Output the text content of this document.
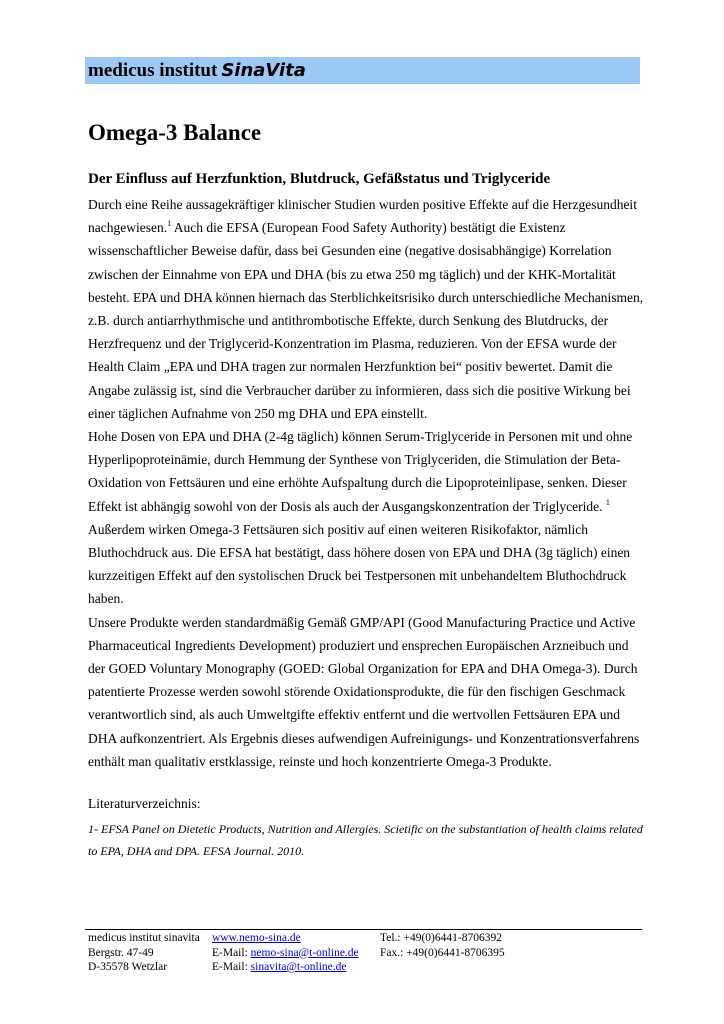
medicus institut SinaVita
Omega-3 Balance
Der Einfluss auf Herzfunktion, Blutdruck, Gefäßstatus und Triglyceride

Durch eine Reihe aussagekräftiger klinischer Studien wurden positive Effekte auf die Herzgesundheit nachgewiesen.$^1$ Auch die EFSA (European Food Safety Authority) bestätigt die Existenz wissenschaftlicher Beweise dafür, dass bei Gesunden eine (negative dosisabhängige) Korrelation zwischen der Einnahme von EPA und DHA (bis zu etwa 250 mg täglich) und der KHK-Mortalität besteht. EPA und DHA können hiernach das Sterblichkeitsrisiko durch unterschiedliche Mechanismen, z.B. durch antiarrhythmische und antithrombotische Effekte, durch Senkung des Blutdrucks, der Herzfrequenz und der Triglycerid-Konzentration im Plasma, reduzieren. Von der EFSA wurde der Health Claim „EPA und DHA tragen zur normalen Herzfunktion bei“ positiv bewertet. Damit die Angabe zulässig ist, sind die Verbraucher darüber zu informieren, dass sich die positive Wirkung bei einer täglichen Aufnahme von 250 mg DHA und EPA einstellt.

Hohe Dosen von EPA und DHA (2-4g täglich) können Serum-Triglyceride in Personen mit und ohne Hyperlipoproteinämie, durch Hemmung der Synthese von Triglyceriden, die Stimulation der Beta-Oxidation von Fettsäuren und eine erhöhte Aufspaltung durch die Lipoproteinlipase, senken. Dieser Effekt ist abhängig sowohl von der Dosis als auch der Ausgangskonzentration der Triglyceride. $^1$

Außerdem wirken Omega-3 Fettsäuren sich positiv auf einen weiteren Risikofaktor, nämlich Bluthochdruck aus. Die EFSA hat bestätigt, dass höhere dosen von EPA und DHA (3g täglich) einen kurzzeitigen Effekt auf den systolischen Druck bei Testpersonen mit unbehandeltem Bluthochdruck haben.

Unsere Produkte werden standardmäßig Gemäß GMP/API (Good Manufacturing Practice und Active Pharmaceutical Ingredients Development) produziert und ensprechen Europäischen Arzneibuch und der GOED Voluntary Monography (GOED: Global Organization for EPA and DHA Omega-3). Durch patentierte Prozesse werden sowohl störende Oxidationsprodukte, die für den fischigen Geschmack verantwortlich sind, als auch Umweltgifte effektiv entfernt und die wertvollen Fettsäuren EPA und DHA aufkonzentriert. Als Ergebnis dieses aufwendigen Aufreinigungs- und Konzentrationsverfahrens enthält man qualitativ erstklassige, reinste und hoch konzentrierte Omega-3 Produkte.

Literaturverzeichnis:

1- EFSA Panel on Dietetic Products, Nutrition and Allergies. Scietific on the substantiation of health claims related to EPA, DHA and DPA. EFSA Journal. 2010.

medicus institut sinavita
Bergstr. 47-49
D-35578 Wetzlar
www.nemo-sina.de
E-Mail: nemo-sina@t-online.de
E-Mail: sinavita@t-online.de
Tel.: +49(0)6441-8706392
Fax.: +49(0)6441-8706395
